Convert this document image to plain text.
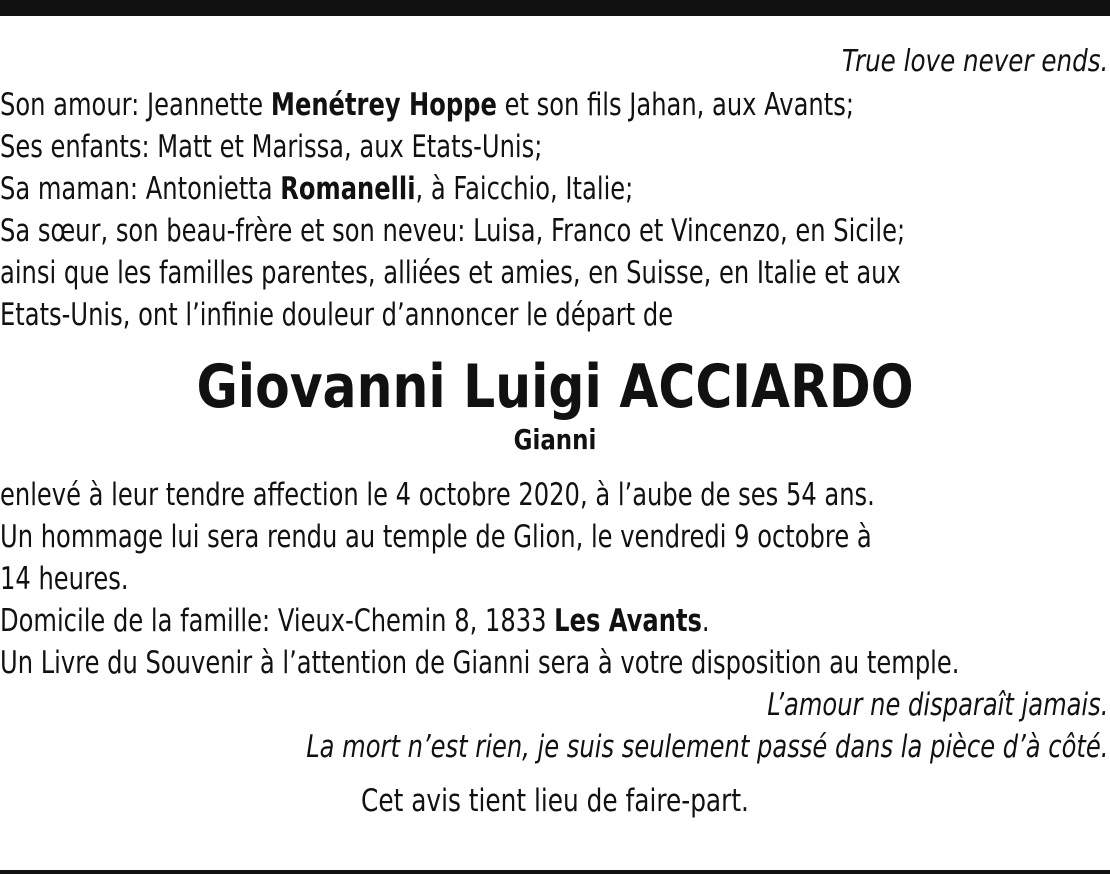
True love never ends.
Son amour: Jeannette Menétrey Hoppe et son fils Jahan, aux Avants;
Ses enfants: Matt et Marissa, aux Etats-Unis;
Sa maman: Antonietta Romanelli, à Faicchio, Italie;
Sa sœur, son beau-frère et son neveu: Luisa, Franco et Vincenzo, en Sicile;
ainsi que les familles parentes, alliées et amies, en Suisse, en Italie et aux
Etats-Unis, ont l’infinie douleur d’annoncer le départ de
Giovanni Luigi ACCIARDO
Gianni
enlevé à leur tendre affection le 4 octobre 2020, à l’aube de ses 54 ans.
Un hommage lui sera rendu au temple de Glion, le vendredi 9 octobre à
14 heures.
Domicile de la famille: Vieux-Chemin 8, 1833 Les Avants.
Un Livre du Souvenir à l’attention de Gianni sera à votre disposition au temple.
L’amour ne disparaît jamais.
La mort n’est rien, je suis seulement passé dans la pièce d’à côté.
Cet avis tient lieu de faire-part.
